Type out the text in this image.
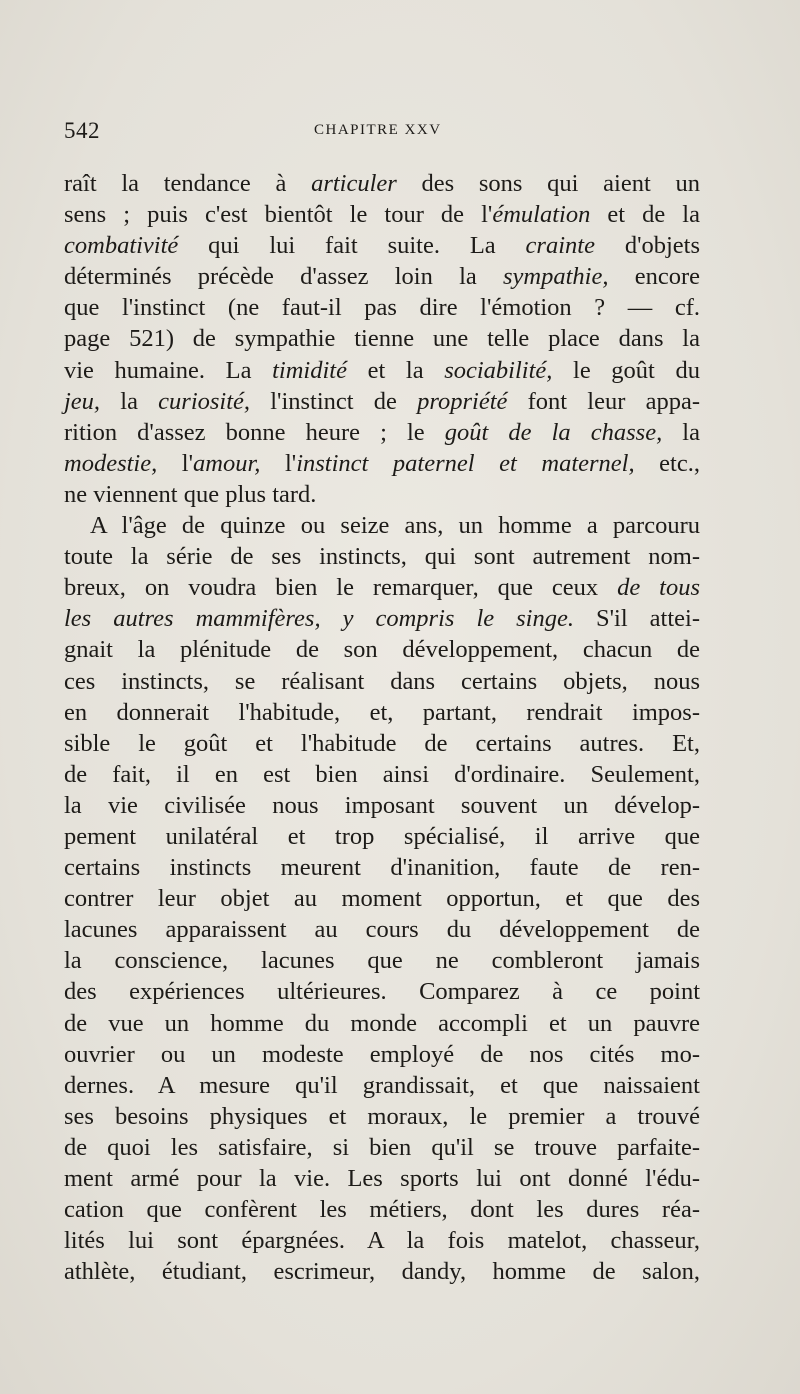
542	CHAPITRE XXV
raît la tendance à articuler des sons qui aient un
sens ; puis c'est bientôt le tour de l'émulation et de la
combativité qui lui fait suite. La crainte d'objets
déterminés précède d'assez loin la sympathie, encore
que l'instinct (ne faut-il pas dire l'émotion ? — cf.
page 521) de sympathie tienne une telle place dans la
vie humaine. La timidité et la sociabilité, le goût du
jeu, la curiosité, l'instinct de propriété font leur appa-
rition d'assez bonne heure ; le goût de la chasse, la
modestie, l'amour, l'instinct paternel et maternel, etc.,
ne viennent que plus tard.
A l'âge de quinze ou seize ans, un homme a parcouru
toute la série de ses instincts, qui sont autrement nom-
breux, on voudra bien le remarquer, que ceux de tous
les autres mammifères, y compris le singe. S'il attei-
gnait la plénitude de son développement, chacun de
ces instincts, se réalisant dans certains objets, nous
en donnerait l'habitude, et, partant, rendrait impos-
sible le goût et l'habitude de certains autres. Et,
de fait, il en est bien ainsi d'ordinaire. Seulement,
la vie civilisée nous imposant souvent un dévelop-
pement unilatéral et trop spécialisé, il arrive que
certains instincts meurent d'inanition, faute de ren-
contrer leur objet au moment opportun, et que des
lacunes apparaissent au cours du développement de
la conscience, lacunes que ne combleront jamais
des expériences ultérieures. Comparez à ce point
de vue un homme du monde accompli et un pauvre
ouvrier ou un modeste employé de nos cités mo-
dernes. A mesure qu'il grandissait, et que naissaient
ses besoins physiques et moraux, le premier a trouvé
de quoi les satisfaire, si bien qu'il se trouve parfaite-
ment armé pour la vie. Les sports lui ont donné l'édu-
cation que confèrent les métiers, dont les dures réa-
lités lui sont épargnées. A la fois matelot, chasseur,
athlète, étudiant, escrimeur, dandy, homme de salon,
